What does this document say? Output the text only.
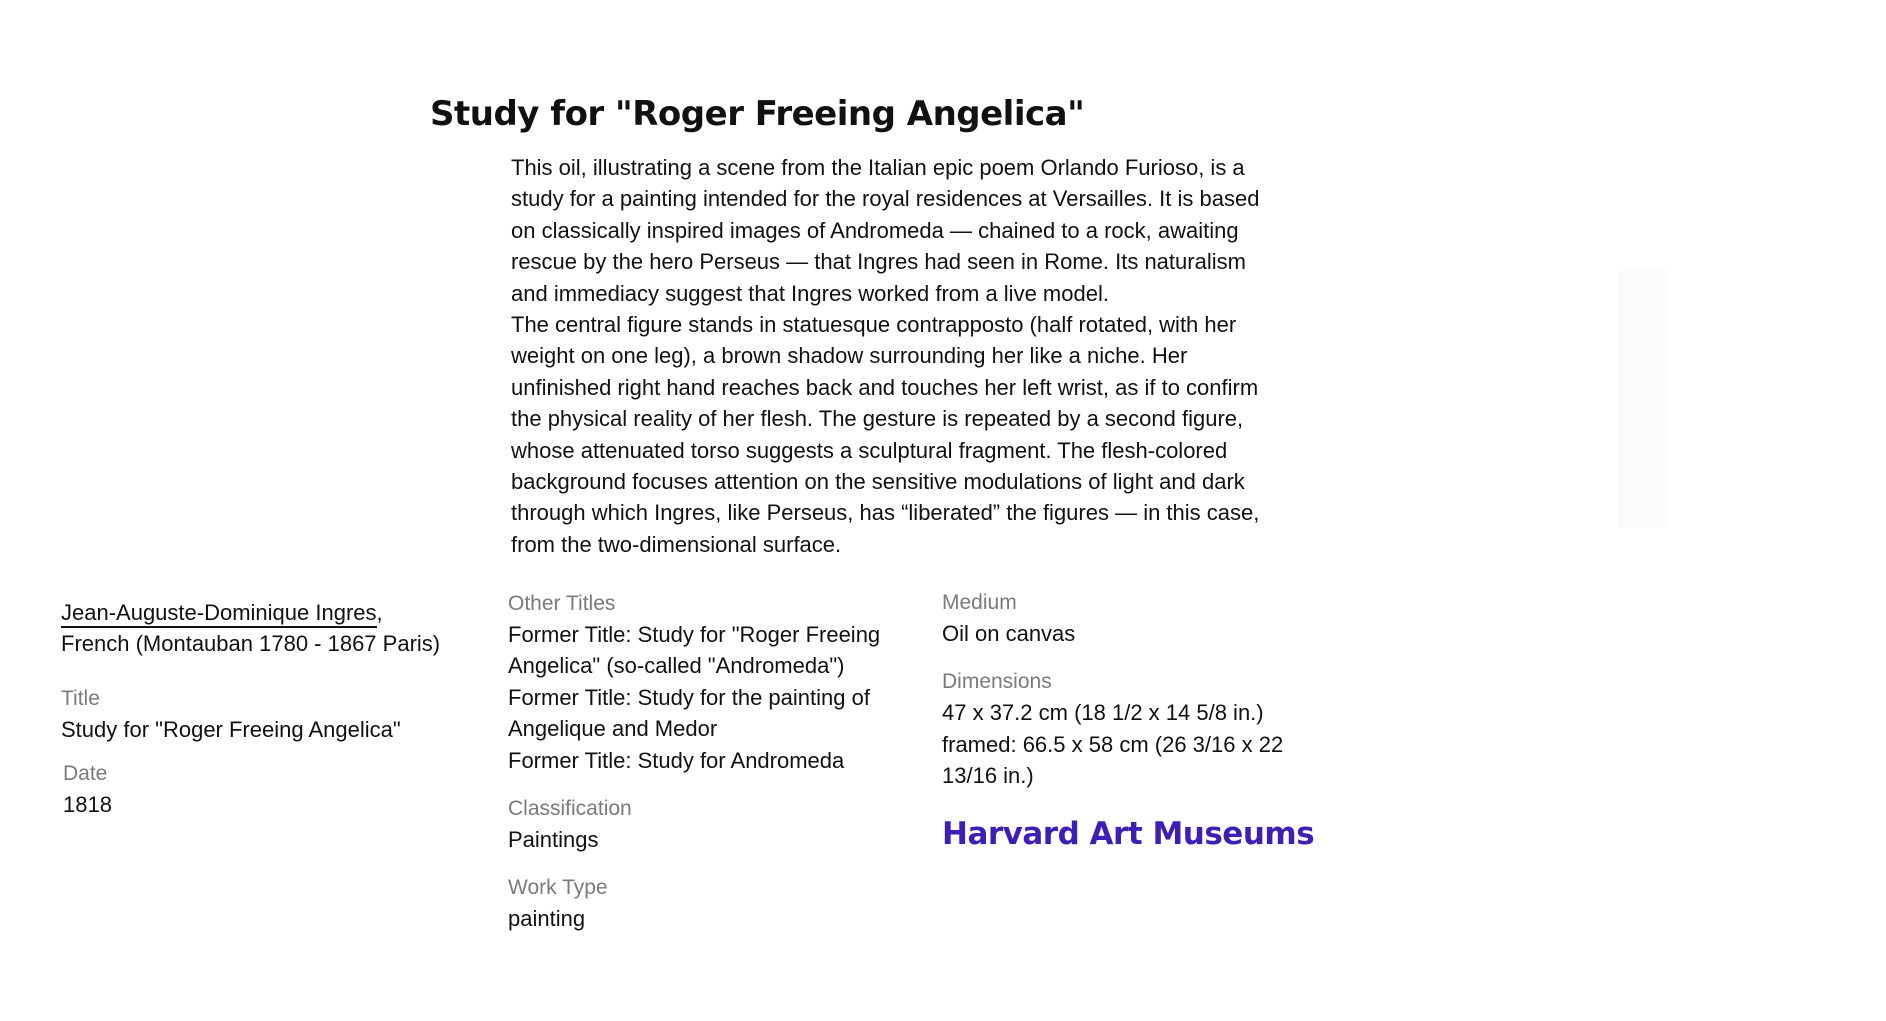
Study for "Roger Freeing Angelica"

This oil, illustrating a scene from the Italian epic poem Orlando Furioso, is a study for a painting intended for the royal residences at Versailles. It is based on classically inspired images of Andromeda — chained to a rock, awaiting rescue by the hero Perseus — that Ingres had seen in Rome. Its naturalism and immediacy suggest that Ingres worked from a live model.

The central figure stands in statuesque contrapposto (half rotated, with her weight on one leg), a brown shadow surrounding her like a niche. Her unfinished right hand reaches back and touches her left wrist, as if to confirm the physical reality of her flesh. The gesture is repeated by a second figure, whose attenuated torso suggests a sculptural fragment. The flesh-colored background focuses attention on the sensitive modulations of light and dark through which Ingres, like Perseus, has “liberated” the figures — in this case, from the two-dimensional surface.

Jean-Auguste-Dominique Ingres,
French (Montauban 1780 - 1867 Paris)
Title
Study for "Roger Freeing Angelica"
Date
1818
Other Titles
Former Title: Study for "Roger Freeing Angelica" (so-called "Andromeda")
Former Title: Study for the painting of Angelique and Medor
Former Title: Study for Andromeda
Classification
Paintings
Work Type
painting
Medium
Oil on canvas
Dimensions
47 x 37.2 cm (18 1/2 x 14 5/8 in.)
framed: 66.5 x 58 cm (26 3/16 x 22 13/16 in.)
Harvard Art Museums
